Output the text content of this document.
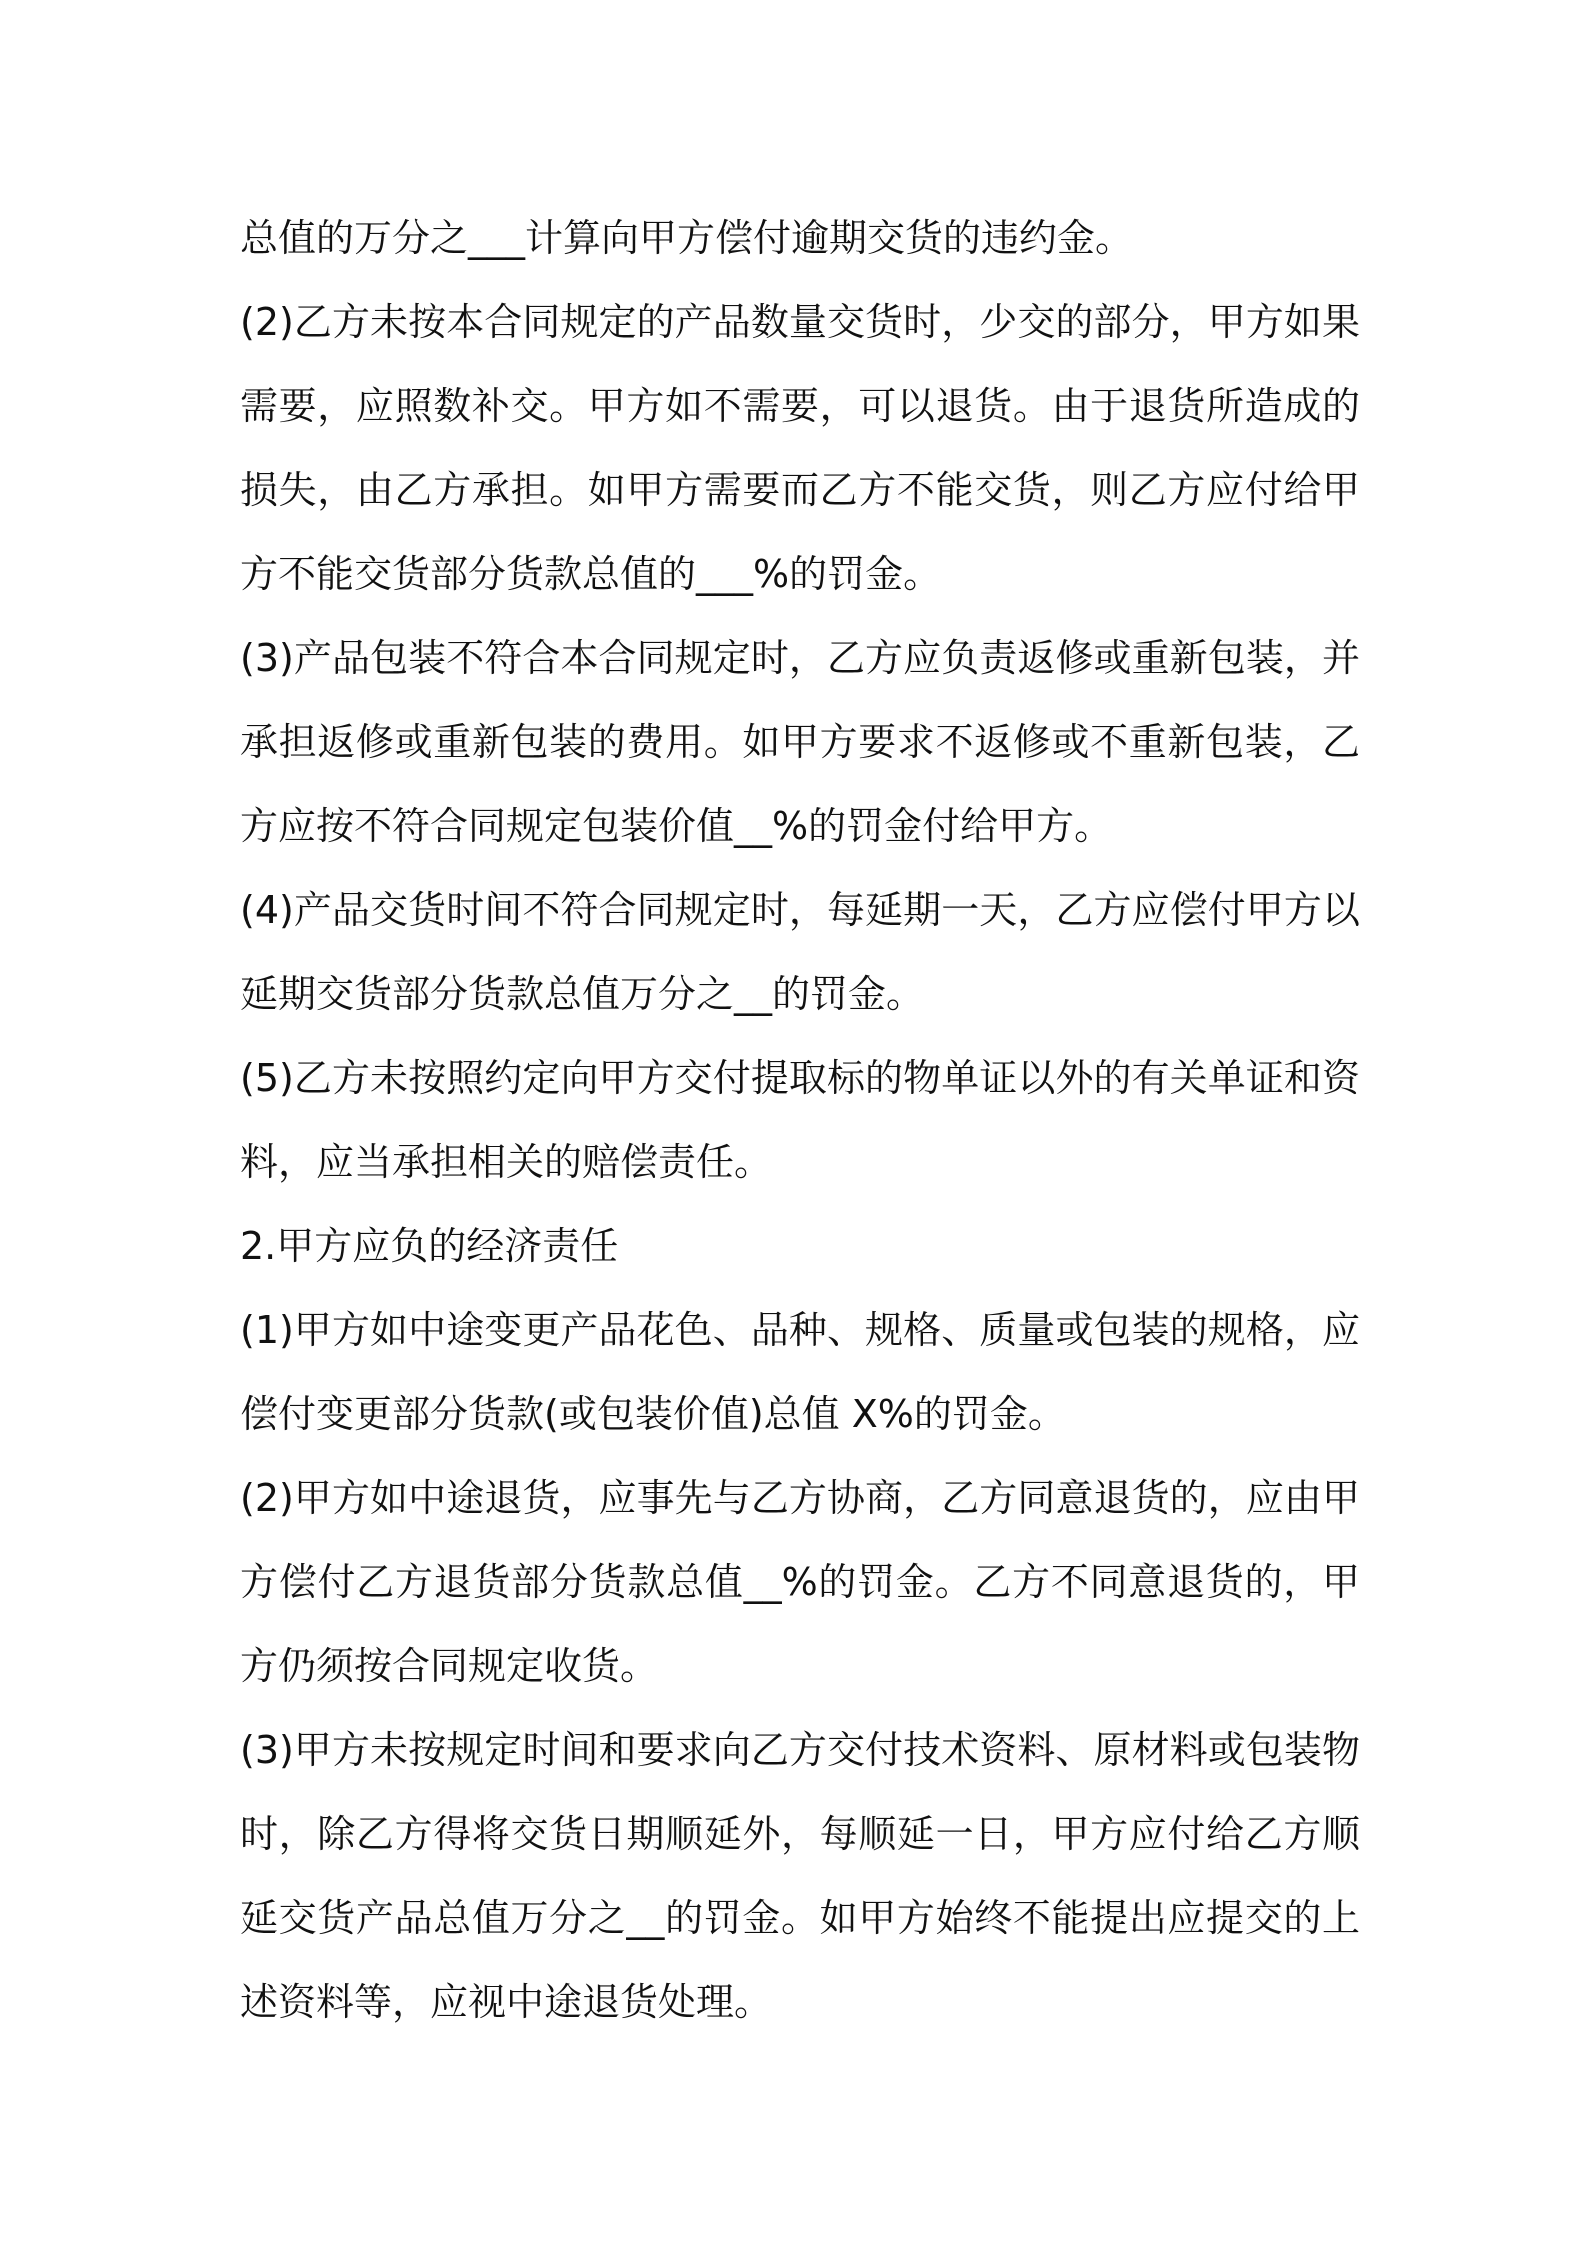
总值的万分之___计算向甲方偿付逾期交货的违约金。

(2)乙方未按本合同规定的产品数量交货时，少交的部分，甲方如果需要，应照数补交。甲方如不需要，可以退货。由于退货所造成的损失，由乙方承担。如甲方需要而乙方不能交货，则乙方应付给甲方不能交货部分货款总值的___%的罚金。

(3)产品包装不符合本合同规定时，乙方应负责返修或重新包装，并承担返修或重新包装的费用。如甲方要求不返修或不重新包装，乙方应按不符合同规定包装价值__%的罚金付给甲方。

(4)产品交货时间不符合同规定时，每延期一天，乙方应偿付甲方以延期交货部分货款总值万分之__的罚金。

(5)乙方未按照约定向甲方交付提取标的物单证以外的有关单证和资料，应当承担相关的赔偿责任。

2.甲方应负的经济责任

(1)甲方如中途变更产品花色、品种、规格、质量或包装的规格，应偿付变更部分货款(或包装价值)总值 X%的罚金。

(2)甲方如中途退货，应事先与乙方协商，乙方同意退货的，应由甲方偿付乙方退货部分货款总值__%的罚金。乙方不同意退货的，甲方仍须按合同规定收货。

(3)甲方未按规定时间和要求向乙方交付技术资料、原材料或包装物时，除乙方得将交货日期顺延外，每顺延一日，甲方应付给乙方顺延交货产品总值万分之__的罚金。如甲方始终不能提出应提交的上述资料等，应视中途退货处理。
